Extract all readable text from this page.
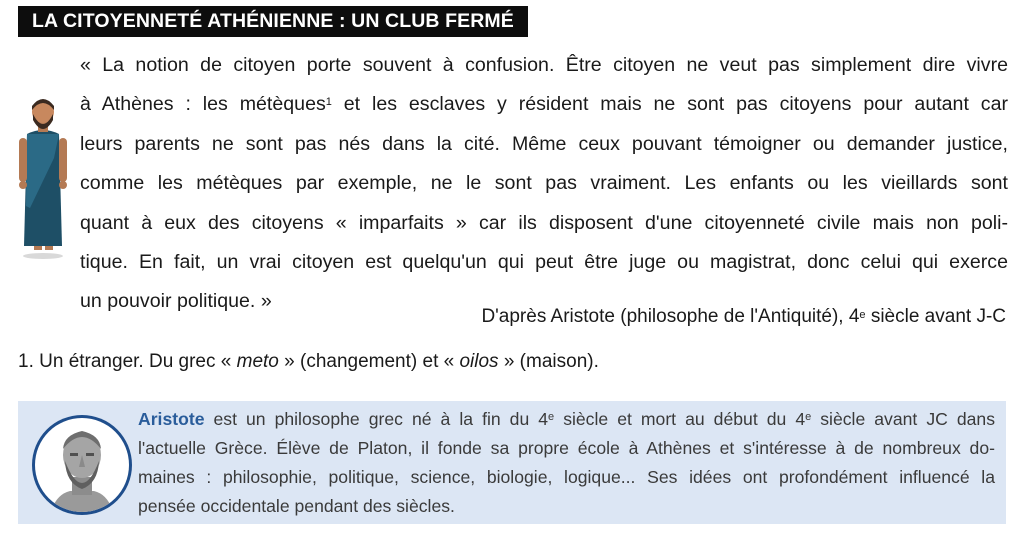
LA CITOYENNETÉ ATHÉNIENNE : UN CLUB FERMÉ

« La notion de citoyen porte souvent à confusion. Être citoyen ne veut pas simplement dire vivre
à Athènes : les métèques$^1$ et les esclaves y résident mais ne sont pas citoyens pour autant car
leurs parents ne sont pas nés dans la cité. Même ceux pouvant témoigner ou demander justice,
comme les métèques par exemple, ne le sont pas vraiment. Les enfants ou les vieillards sont
quant à eux des citoyens « imparfaits » car ils disposent d'une citoyenneté civile mais non poli-
tique. En fait, un vrai citoyen est quelqu'un qui peut être juge ou magistrat, donc celui qui exerce
un pouvoir politique. »

D'après Aristote (philosophe de l'Antiquité), 4e siècle avant J-C
1. Un étranger. Du grec « meto » (changement) et « oilos » (maison).

Aristote est un philosophe grec né à la fin du 4e siècle et mort au début du 4e siècle avant JC dans
l'actuelle Grèce. Élève de Platon, il fonde sa propre école à Athènes et s'intéresse à de nombreux do-
maines : philosophie, politique, science, biologie, logique... Ses idées ont profondément influencé la
pensée occidentale pendant des siècles.
